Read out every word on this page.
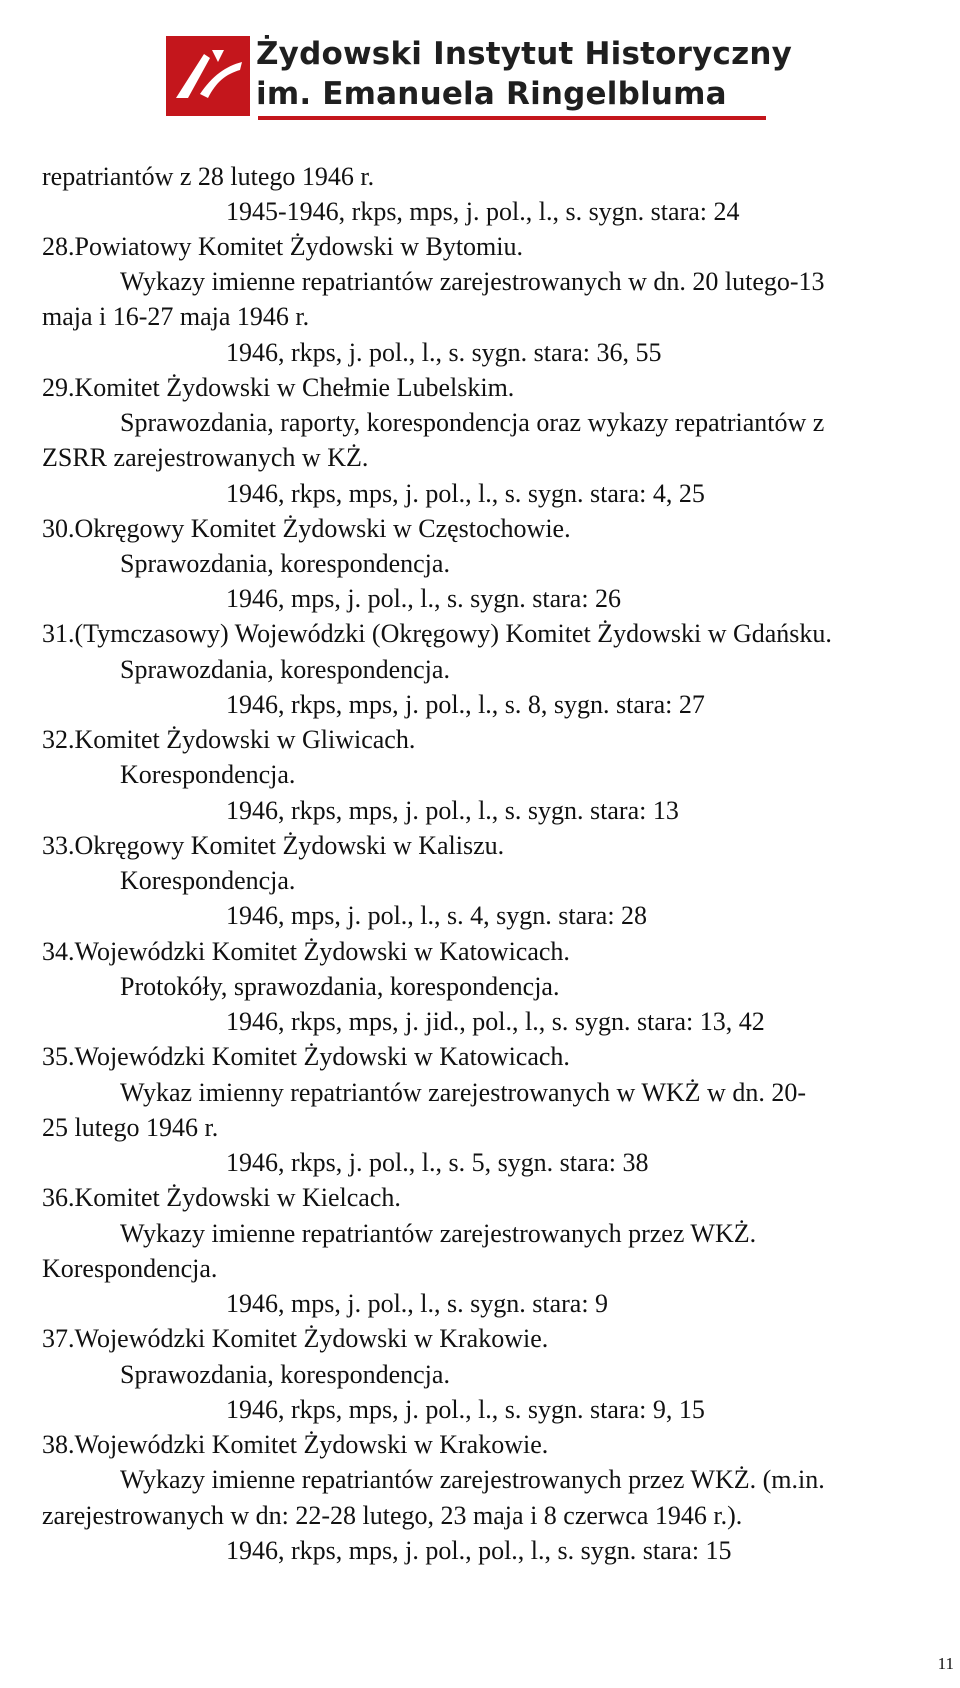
Żydowski Instytut Historyczny
im. Emanuela Ringelbluma
repatriantów z 28 lutego 1946 r.
1945-1946, rkps, mps, j. pol., l., s. sygn. stara: 24
28.Powiatowy Komitet Żydowski w Bytomiu.
Wykazy imienne repatriantów zarejestrowanych w dn. 20 lutego-13
maja i 16-27 maja 1946 r.
1946, rkps, j. pol., l., s. sygn. stara: 36, 55
29.Komitet Żydowski w Chełmie Lubelskim.
Sprawozdania, raporty, korespondencja oraz wykazy repatriantów z
ZSRR zarejestrowanych w KŻ.
1946, rkps, mps, j. pol., l., s. sygn. stara: 4, 25
30.Okręgowy Komitet Żydowski w Częstochowie.
Sprawozdania, korespondencja.
1946, mps, j. pol., l., s. sygn. stara: 26
31.(Tymczasowy) Wojewódzki (Okręgowy) Komitet Żydowski w Gdańsku.
Sprawozdania, korespondencja.
1946, rkps, mps, j. pol., l., s. 8, sygn. stara: 27
32.Komitet Żydowski w Gliwicach.
Korespondencja.
1946, rkps, mps, j. pol., l., s. sygn. stara: 13
33.Okręgowy Komitet Żydowski w Kaliszu.
Korespondencja.
1946, mps, j. pol., l., s. 4, sygn. stara: 28
34.Wojewódzki Komitet Żydowski w Katowicach.
Protokóły, sprawozdania, korespondencja.
1946, rkps, mps, j. jid., pol., l., s. sygn. stara: 13, 42
35.Wojewódzki Komitet Żydowski w Katowicach.
Wykaz imienny repatriantów zarejestrowanych w WKŻ w dn. 20-
25 lutego 1946 r.
1946, rkps, j. pol., l., s. 5, sygn. stara: 38
36.Komitet Żydowski w Kielcach.
Wykazy imienne repatriantów zarejestrowanych przez WKŻ.
Korespondencja.
1946, mps, j. pol., l., s. sygn. stara: 9
37.Wojewódzki Komitet Żydowski w Krakowie.
Sprawozdania, korespondencja.
1946, rkps, mps, j. pol., l., s. sygn. stara: 9, 15
38.Wojewódzki Komitet Żydowski w Krakowie.
Wykazy imienne repatriantów zarejestrowanych przez WKŻ. (m.in.
zarejestrowanych w dn: 22-28 lutego, 23 maja i 8 czerwca 1946 r.).
1946, rkps, mps, j. pol., pol., l., s. sygn. stara: 15
11
